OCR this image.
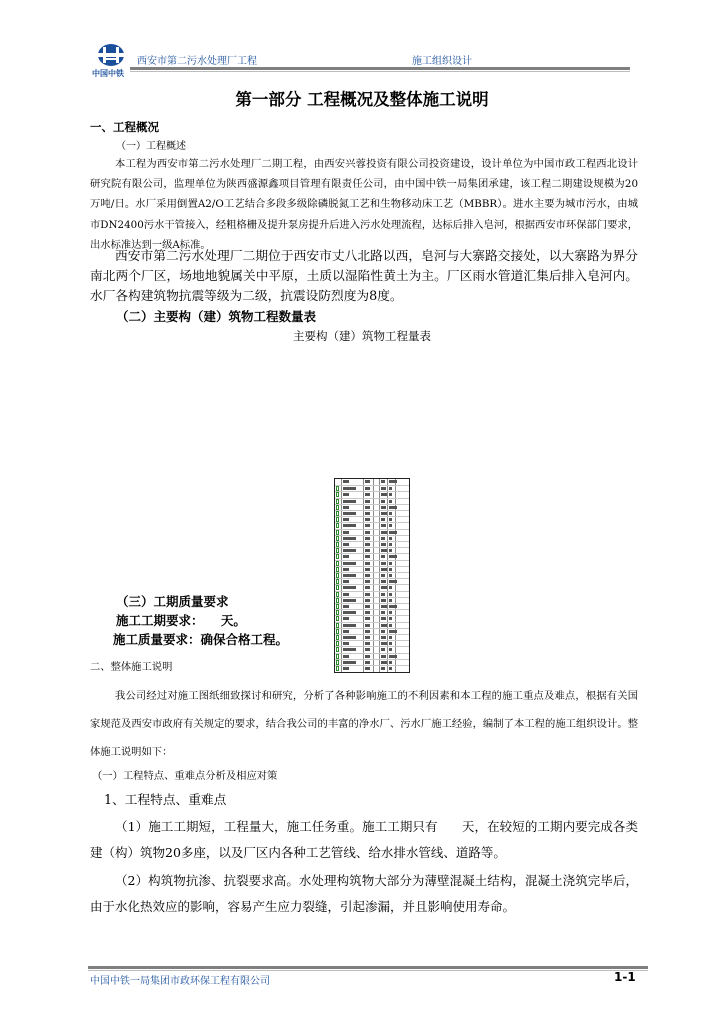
中国中铁
西安市第二污水处理厂工程	施工组织设计
第一部分 工程概况及整体施工说明
一、工程概况
（一）工程概述
本工程为西安市第二污水处理厂二期工程，由西安兴蓉投资有限公司投资建设，设计单位为中国市政工程西北设计研究院有限公司，监理单位为陕西盛源鑫项目管理有限责任公司，由中国中铁一局集团承建，该工程二期建设规模为20万吨/日。水厂采用倒置A2/O工艺结合多段多级除磷脱氮工艺和生物移动床工艺（MBBR）。进水主要为城市污水，由城市DN2400污水干管接入，经粗格栅及提升泵房提升后进入污水处理流程，达标后排入皂河，根据西安市环保部门要求，出水标准达到一级A标准。
西安市第二污水处理厂二期位于西安市丈八北路以西，皂河与大寨路交接处，以大寨路为界分南北两个厂区，场地地貌属关中平原，土质以湿陷性黄土为主。厂区雨水管道汇集后排入皂河内。 水厂各构建筑物抗震等级为二级，抗震设防烈度为8度。
（二）主要构（建）筑物工程数量表
主要构（建）筑物工程量表
（三）工期质量要求
施工工期要求：    天。
施工质量要求：确保合格工程。
二、整体施工说明
我公司经过对施工图纸细致探讨和研究，分析了各种影响施工的不利因素和本工程的施工重点及难点，根据有关国家规范及西安市政府有关规定的要求，结合我公司的丰富的净水厂、污水厂施工经验，编制了本工程的施工组织设计。整体施工说明如下：
（一）工程特点、重难点分析及相应对策
1、工程特点、重难点
（1）施工工期短，工程量大，施工任务重。施工工期只有      天，在较短的工期内要完成各类建（构）筑物20多座，以及厂区内各种工艺管线、给水排水管线、道路等。
（2）构筑物抗渗、抗裂要求高。水处理构筑物大部分为薄壁混凝土结构，混凝土浇筑完毕后，由于水化热效应的影响，容易产生应力裂缝，引起渗漏，并且影响使用寿命。
中国中铁一局集团市政环保工程有限公司	1-1
